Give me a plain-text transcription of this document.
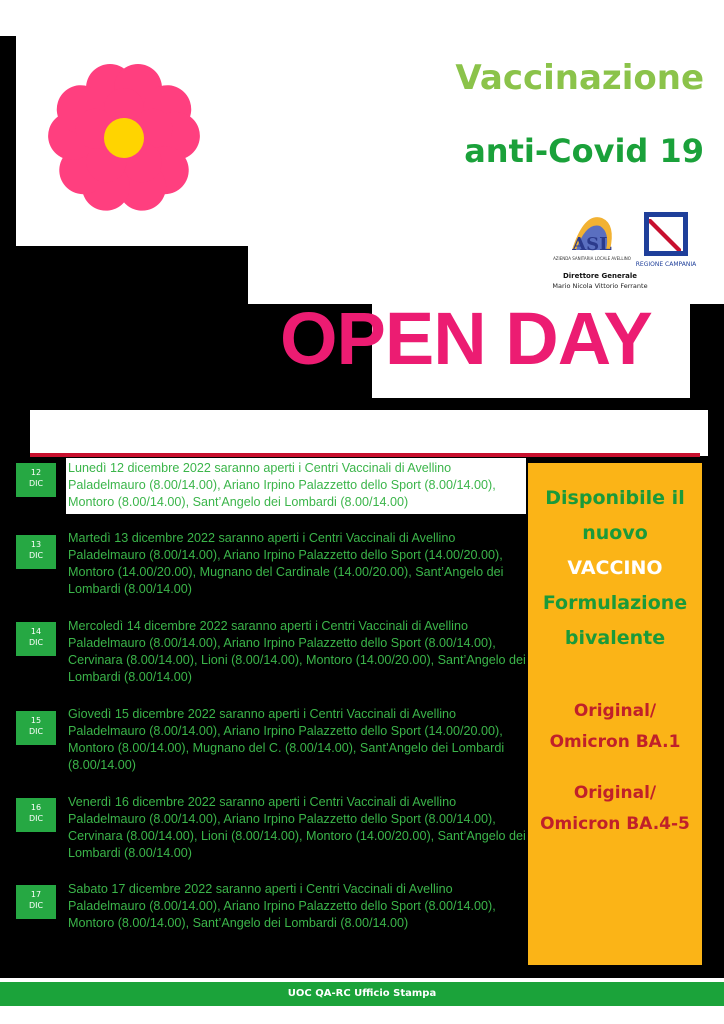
Vaccinazione
anti-Covid 19
ASL
AZIENDA SANITARIA LOCALE AVELLINO
REGIONE CAMPANIA
Direttore Generale
Mario Nicola Vittorio Ferrante
OPEN DAY
12
DIC
Lunedì 12 dicembre 2022 saranno aperti i Centri Vaccinali di Avellino Paladelmauro (8.00/14.00), Ariano Irpino Palazzetto dello Sport (8.00/14.00), Montoro (8.00/14.00), Sant’Angelo dei Lombardi (8.00/14.00)
13
DIC
Martedì 13 dicembre 2022 saranno aperti i Centri Vaccinali di Avellino Paladelmauro (8.00/14.00), Ariano Irpino Palazzetto dello Sport (14.00/20.00), Montoro (14.00/20.00), Mugnano del Cardinale (14.00/20.00), Sant’Angelo dei Lombardi (8.00/14.00)
14
DIC
Mercoledì 14 dicembre 2022 saranno aperti i Centri Vaccinali di Avellino Paladelmauro (8.00/14.00), Ariano Irpino Palazzetto dello Sport (8.00/14.00), Cervinara (8.00/14.00), Lioni (8.00/14.00), Montoro (14.00/20.00), Sant’Angelo dei Lombardi (8.00/14.00)
15
DIC
Giovedì 15 dicembre 2022 saranno aperti i Centri Vaccinali di Avellino Paladelmauro (8.00/14.00), Ariano Irpino Palazzetto dello Sport (14.00/20.00), Montoro (8.00/14.00), Mugnano del C. (8.00/14.00), Sant’Angelo dei Lombardi (8.00/14.00)
16
DIC
Venerdì 16 dicembre 2022 saranno aperti i Centri Vaccinali di Avellino Paladelmauro (8.00/14.00), Ariano Irpino Palazzetto dello Sport (8.00/14.00), Cervinara (8.00/14.00), Lioni (8.00/14.00), Montoro (14.00/20.00), Sant’Angelo dei Lombardi (8.00/14.00)
17
DIC
Sabato 17 dicembre 2022 saranno aperti i Centri Vaccinali di Avellino Paladelmauro (8.00/14.00), Ariano Irpino Palazzetto dello Sport (8.00/14.00), Montoro (8.00/14.00), Sant’Angelo dei Lombardi (8.00/14.00)
Disponibile il
nuovo
VACCINO
Formulazione
bivalente
Original/
Omicron BA.1
Original/
Omicron BA.4-5
UOC QA-RC Ufficio Stampa
